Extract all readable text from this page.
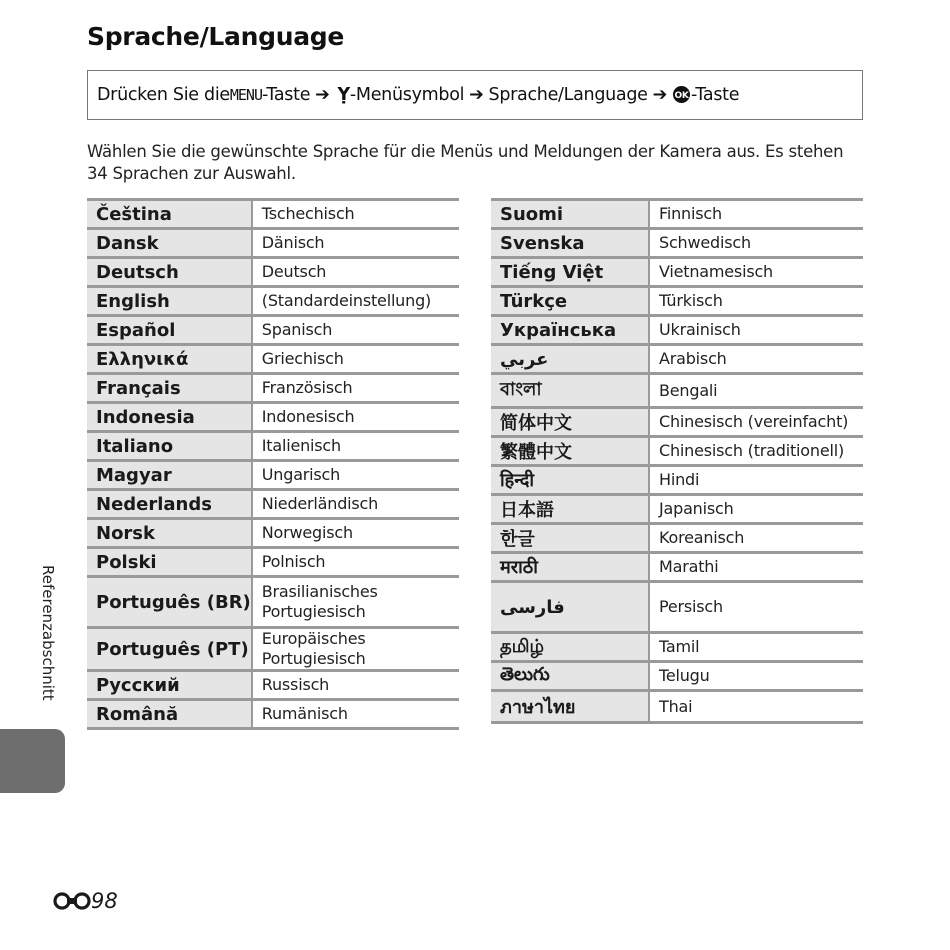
Sprache/Language
Drücken Sie die MENU -Taste ➔ Ỵ -Menüsymbol ➔ Sprache/Language ➔ OK -Taste

Wählen Sie die gewünschte Sprache für die Menüs und Meldungen der Kamera aus. Es stehen 34 Sprachen zur Auswahl.

Čeština	Tschechisch
Dansk	Dänisch
Deutsch	Deutsch
English	(Standardeinstellung)
Español	Spanisch
Ελληνικά	Griechisch
Français	Französisch
Indonesia	Indonesisch
Italiano	Italienisch
Magyar	Ungarisch
Nederlands	Niederländisch
Norsk	Norwegisch
Polski	Polnisch
Português (BR)	Brasilianisches Portugiesisch
Português (PT)	Europäisches Portugiesisch
Русский	Russisch
Română	Rumänisch
Suomi	Finnisch
Svenska	Schwedisch
Tiếng Việt	Vietnamesisch
Türkçe	Türkisch
Українська	Ukrainisch
عربي	Arabisch
বাংলা	Bengali
简体中文	Chinesisch (vereinfacht)
繁體中文	Chinesisch (traditionell)
हिन्दी	Hindi
日本語	Japanisch
한글	Koreanisch
मराठी	Marathi
فارسی	Persisch
தமிழ்	Tamil
తెలుగు	Telugu
ภาษาไทย	Thai
Referenzabschnitt
98
